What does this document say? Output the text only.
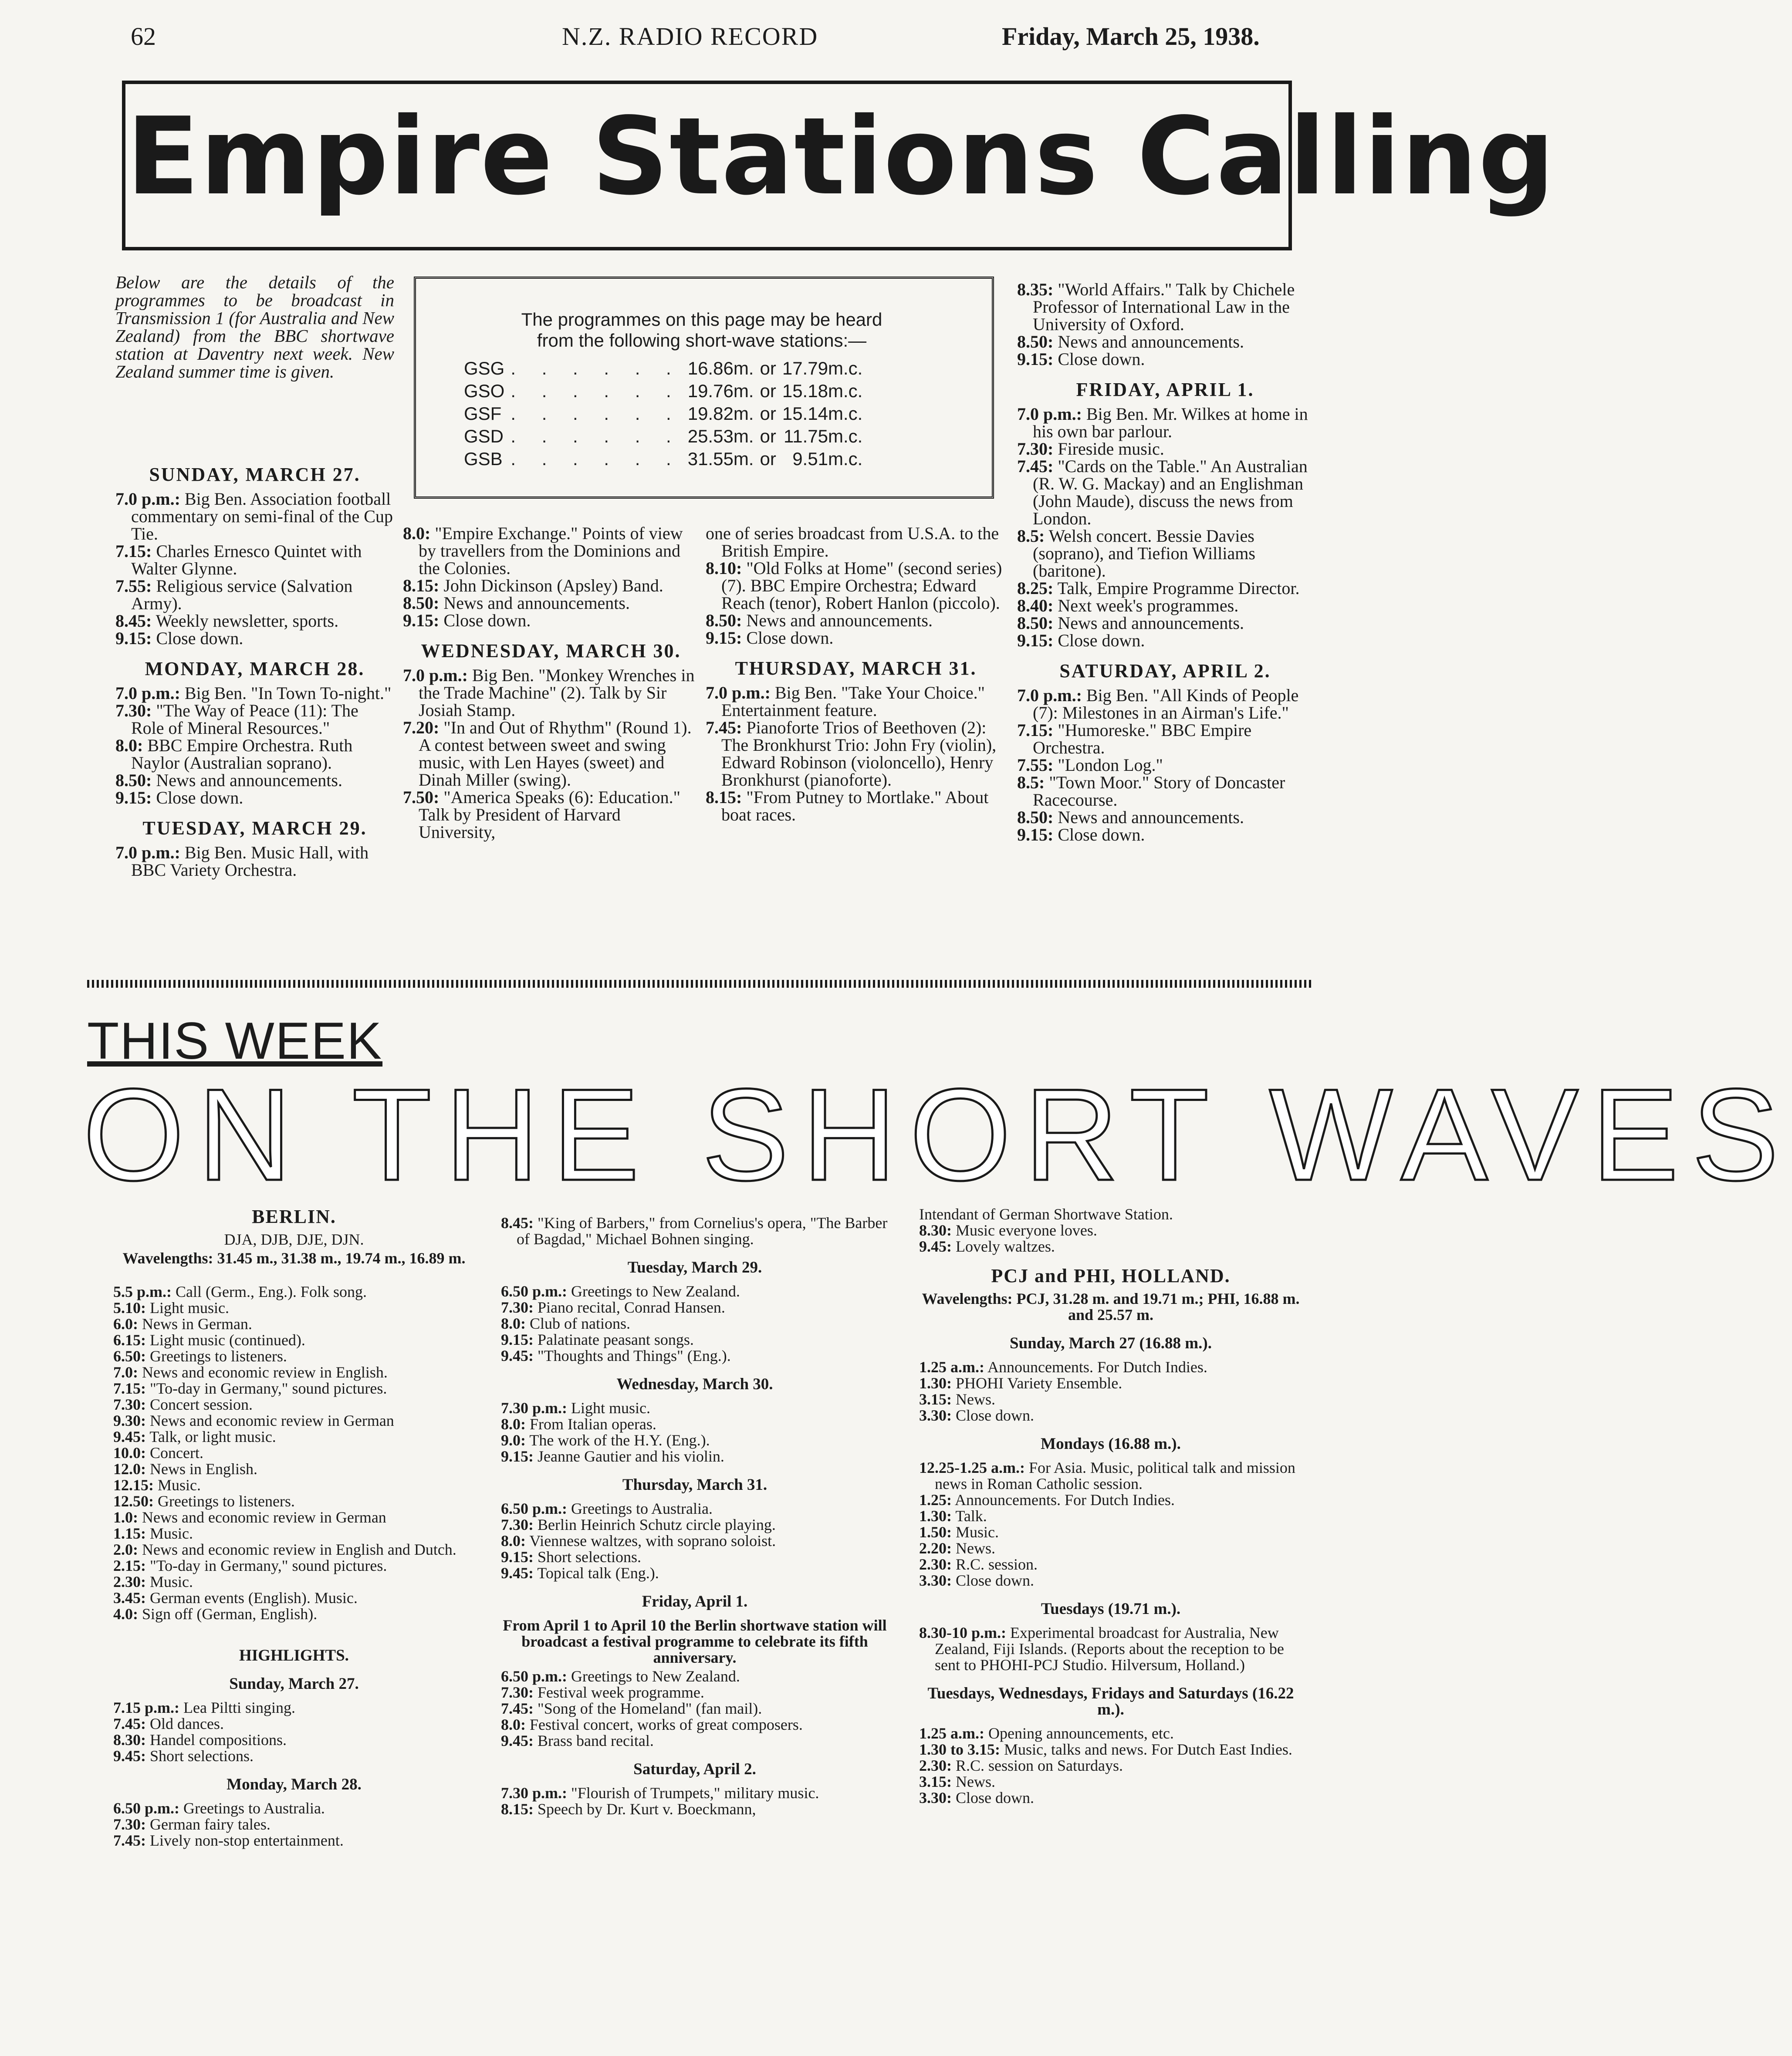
62	N.Z. RADIO RECORD	Friday, March 25, 1938.
Empire Stations Calling
Below are the details of the programmes to be broadcast in Transmission 1 (for Australia and New Zealand) from the BBC shortwave station at Daventry next week. New Zealand summer time is given.
The programmes on this page may be heard
from the following short-wave stations:—
GSG	. . . . . .	16.86m.	or	17.79m.c.
GSO	. . . . . .	19.76m.	or	15.18m.c.
GSF	. . . . . .	19.82m.	or	15.14m.c.
GSD	. . . . . .	25.53m.	or	11.75m.c.
GSB	. . . . . .	31.55m.	or	9.51m.c.

SUNDAY, MARCH 27.

7.0 p.m.: Big Ben. Association football commentary on semi-final of the Cup Tie.

7.15: Charles Ernesco Quintet with Walter Glynne.

7.55: Religious service (Salvation Army).

8.45: Weekly newsletter, sports.

9.15: Close down.

MONDAY, MARCH 28.

7.0 p.m.: Big Ben. "In Town To-night."

7.30: "The Way of Peace (11): The Role of Mineral Resources."

8.0: BBC Empire Orchestra. Ruth Naylor (Australian soprano).

8.50: News and announcements.

9.15: Close down.

TUESDAY, MARCH 29.

7.0 p.m.: Big Ben. Music Hall, with BBC Variety Orchestra.

8.0: "Empire Exchange." Points of view by travellers from the Dominions and the Colonies.

8.15: John Dickinson (Apsley) Band.

8.50: News and announcements.

9.15: Close down.

WEDNESDAY, MARCH 30.

7.0 p.m.: Big Ben. "Monkey Wrenches in the Trade Machine" (2). Talk by Sir Josiah Stamp.

7.20: "In and Out of Rhythm" (Round 1). A contest between sweet and swing music, with Len Hayes (sweet) and Dinah Miller (swing).

7.50: "America Speaks (6): Education." Talk by President of Harvard University,

one of series broadcast from U.S.A. to the British Empire.

8.10: "Old Folks at Home" (second series) (7). BBC Empire Orchestra; Edward Reach (tenor), Robert Hanlon (piccolo).

8.50: News and announcements.

9.15: Close down.

THURSDAY, MARCH 31.

7.0 p.m.: Big Ben. "Take Your Choice." Entertainment feature.

7.45: Pianoforte Trios of Beethoven (2): The Bronkhurst Trio: John Fry (violin), Edward Robinson (violoncello), Henry Bronkhurst (pianoforte).

8.15: "From Putney to Mortlake." About boat races.

8.35: "World Affairs." Talk by Chichele Professor of International Law in the University of Oxford.

8.50: News and announcements.

9.15: Close down.

FRIDAY, APRIL 1.

7.0 p.m.: Big Ben. Mr. Wilkes at home in his own bar parlour.

7.30: Fireside music.

7.45: "Cards on the Table." An Australian (R. W. G. Mackay) and an Englishman (John Maude), discuss the news from London.

8.5: Welsh concert. Bessie Davies (soprano), and Tiefion Williams (baritone).

8.25: Talk, Empire Programme Director.

8.40: Next week's programmes.

8.50: News and announcements.

9.15: Close down.

SATURDAY, APRIL 2.

7.0 p.m.: Big Ben. "All Kinds of People (7): Milestones in an Airman's Life."

7.15: "Humoreske." BBC Empire Orchestra.

7.55: "London Log."

8.5: "Town Moor." Story of Doncaster Racecourse.

8.50: News and announcements.

9.15: Close down.

THIS WEEK
ON THE SHORT WAVES

BERLIN.

DJA, DJB, DJE, DJN.

Wavelengths: 31.45 m., 31.38 m., 19.74 m., 16.89 m.

5.5 p.m.: Call (Germ., Eng.). Folk song.

5.10: Light music.

6.0: News in German.

6.15: Light music (continued).

6.50: Greetings to listeners.

7.0: News and economic review in English.

7.15: "To-day in Germany," sound pictures.

7.30: Concert session.

9.30: News and economic review in German

9.45: Talk, or light music.

10.0: Concert.

12.0: News in English.

12.15: Music.

12.50: Greetings to listeners.

1.0: News and economic review in German

1.15: Music.

2.0: News and economic review in English and Dutch.

2.15: "To-day in Germany," sound pictures.

2.30: Music.

3.45: German events (English). Music.

4.0: Sign off (German, English).

HIGHLIGHTS.

Sunday, March 27.

7.15 p.m.: Lea Piltti singing.

7.45: Old dances.

8.30: Handel compositions.

9.45: Short selections.

Monday, March 28.

6.50 p.m.: Greetings to Australia.

7.30: German fairy tales.

7.45: Lively non-stop entertainment.

8.45: "King of Barbers," from Cornelius's opera, "The Barber of Bagdad," Michael Bohnen singing.

Tuesday, March 29.

6.50 p.m.: Greetings to New Zealand.

7.30: Piano recital, Conrad Hansen.

8.0: Club of nations.

9.15: Palatinate peasant songs.

9.45: "Thoughts and Things" (Eng.).

Wednesday, March 30.

7.30 p.m.: Light music.

8.0: From Italian operas.

9.0: The work of the H.Y. (Eng.).

9.15: Jeanne Gautier and his violin.

Thursday, March 31.

6.50 p.m.: Greetings to Australia.

7.30: Berlin Heinrich Schutz circle playing.

8.0: Viennese waltzes, with soprano soloist.

9.15: Short selections.

9.45: Topical talk (Eng.).

Friday, April 1.

From April 1 to April 10 the Berlin shortwave station will broadcast a festival programme to celebrate its fifth anniversary.

6.50 p.m.: Greetings to New Zealand.

7.30: Festival week programme.

7.45: "Song of the Homeland" (fan mail).

8.0: Festival concert, works of great composers.

9.45: Brass band recital.

Saturday, April 2.

7.30 p.m.: "Flourish of Trumpets," military music.

8.15: Speech by Dr. Kurt v. Boeckmann,

Intendant of German Shortwave Station.

8.30: Music everyone loves.

9.45: Lovely waltzes.

PCJ and PHI, HOLLAND.

Wavelengths: PCJ, 31.28 m. and 19.71 m.; PHI, 16.88 m. and 25.57 m.

Sunday, March 27 (16.88 m.).

1.25 a.m.: Announcements. For Dutch Indies.

1.30: PHOHI Variety Ensemble.

3.15: News.

3.30: Close down.

Mondays (16.88 m.).

12.25-1.25 a.m.: For Asia. Music, political talk and mission news in Roman Catholic session.

1.25: Announcements. For Dutch Indies.

1.30: Talk.

1.50: Music.

2.20: News.

2.30: R.C. session.

3.30: Close down.

Tuesdays (19.71 m.).

8.30-10 p.m.: Experimental broadcast for Australia, New Zealand, Fiji Islands. (Reports about the reception to be sent to PHOHI-PCJ Studio. Hilversum, Holland.)

Tuesdays, Wednesdays, Fridays and Saturdays (16.22 m.).

1.25 a.m.: Opening announcements, etc.

1.30 to 3.15: Music, talks and news. For Dutch East Indies.

2.30: R.C. session on Saturdays.

3.15: News.

3.30: Close down.
